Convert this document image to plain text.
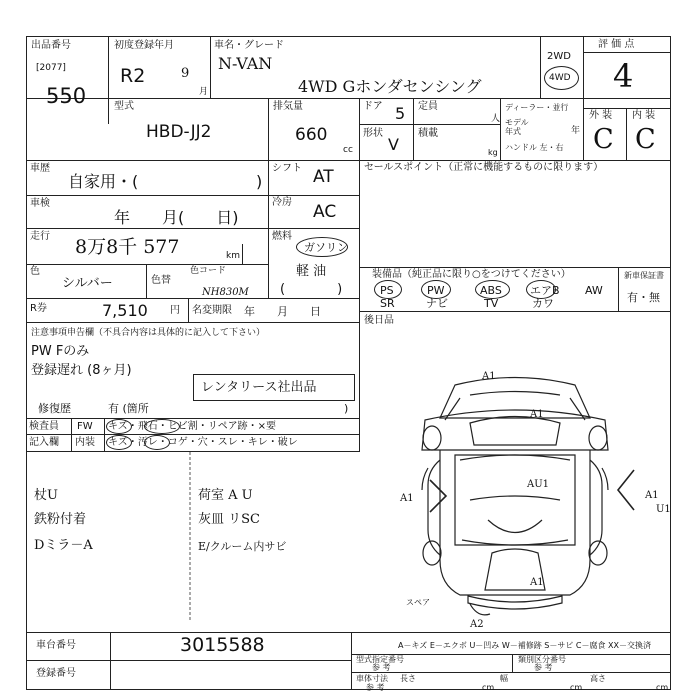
出品番号
[2077]
550
初度登録年月
R2	9
月
車名・グレード
N-VAN
4WD Gホンダセンシング
2WD
4WD
評 価 点
4
外 装 内 装
C C
型式
HBD-JJ2
排気量
660
cc
ドア 5
形状
V
定員
人
積載
kg
ディーラー・並行
モデル
年式	年
ハンドル 左・右
車歴
自家用・(	)
シフト AT
車検
年　　月(　　日)
冷房 AC
走行 8万8千 577	km
燃料
ガソリン
軽 油
(　　　　)
色
シルバー	色替
色コード
NH830M
R券	7,510 円 名変期限 年　　月　　日
セールスポイント（正常に機能するものに限ります）
装備品（純正品に限り○をつけてください）	新車保証書
有・無
PS	PW	ABS	エアB AW
SR	ナビ	TV	カワ
後日品
注意事項申告欄（不具合内容は具体的に記入して下さい）
PW Fのみ
登録遅れ (8ヶ月)
レンタリース社出品
修復歴	有 (箇所	)
検査員
記入欄
FW キズ・飛石・ヒビ割・リペア跡・×要
内装 キズ・汚レ・コゲ・穴・スレ・キレ・破レ
杖U
鉄粉付着
Dミラ－A
荷室 A U
灰皿 リSC
E/クルーム内サビ
A1
A1
A1
AU1
A1
U1
A1
A2
スペア
車台番号	3015588
登録番号
A－キズ E－エクボ U－凹み W－補修跡 S－サビ C－腐食 XX－交換済
型式指定番号
参 考
類別区分番号
参 考
車体寸法
参 考
長さ
cm
幅
cm
高さ
cm
